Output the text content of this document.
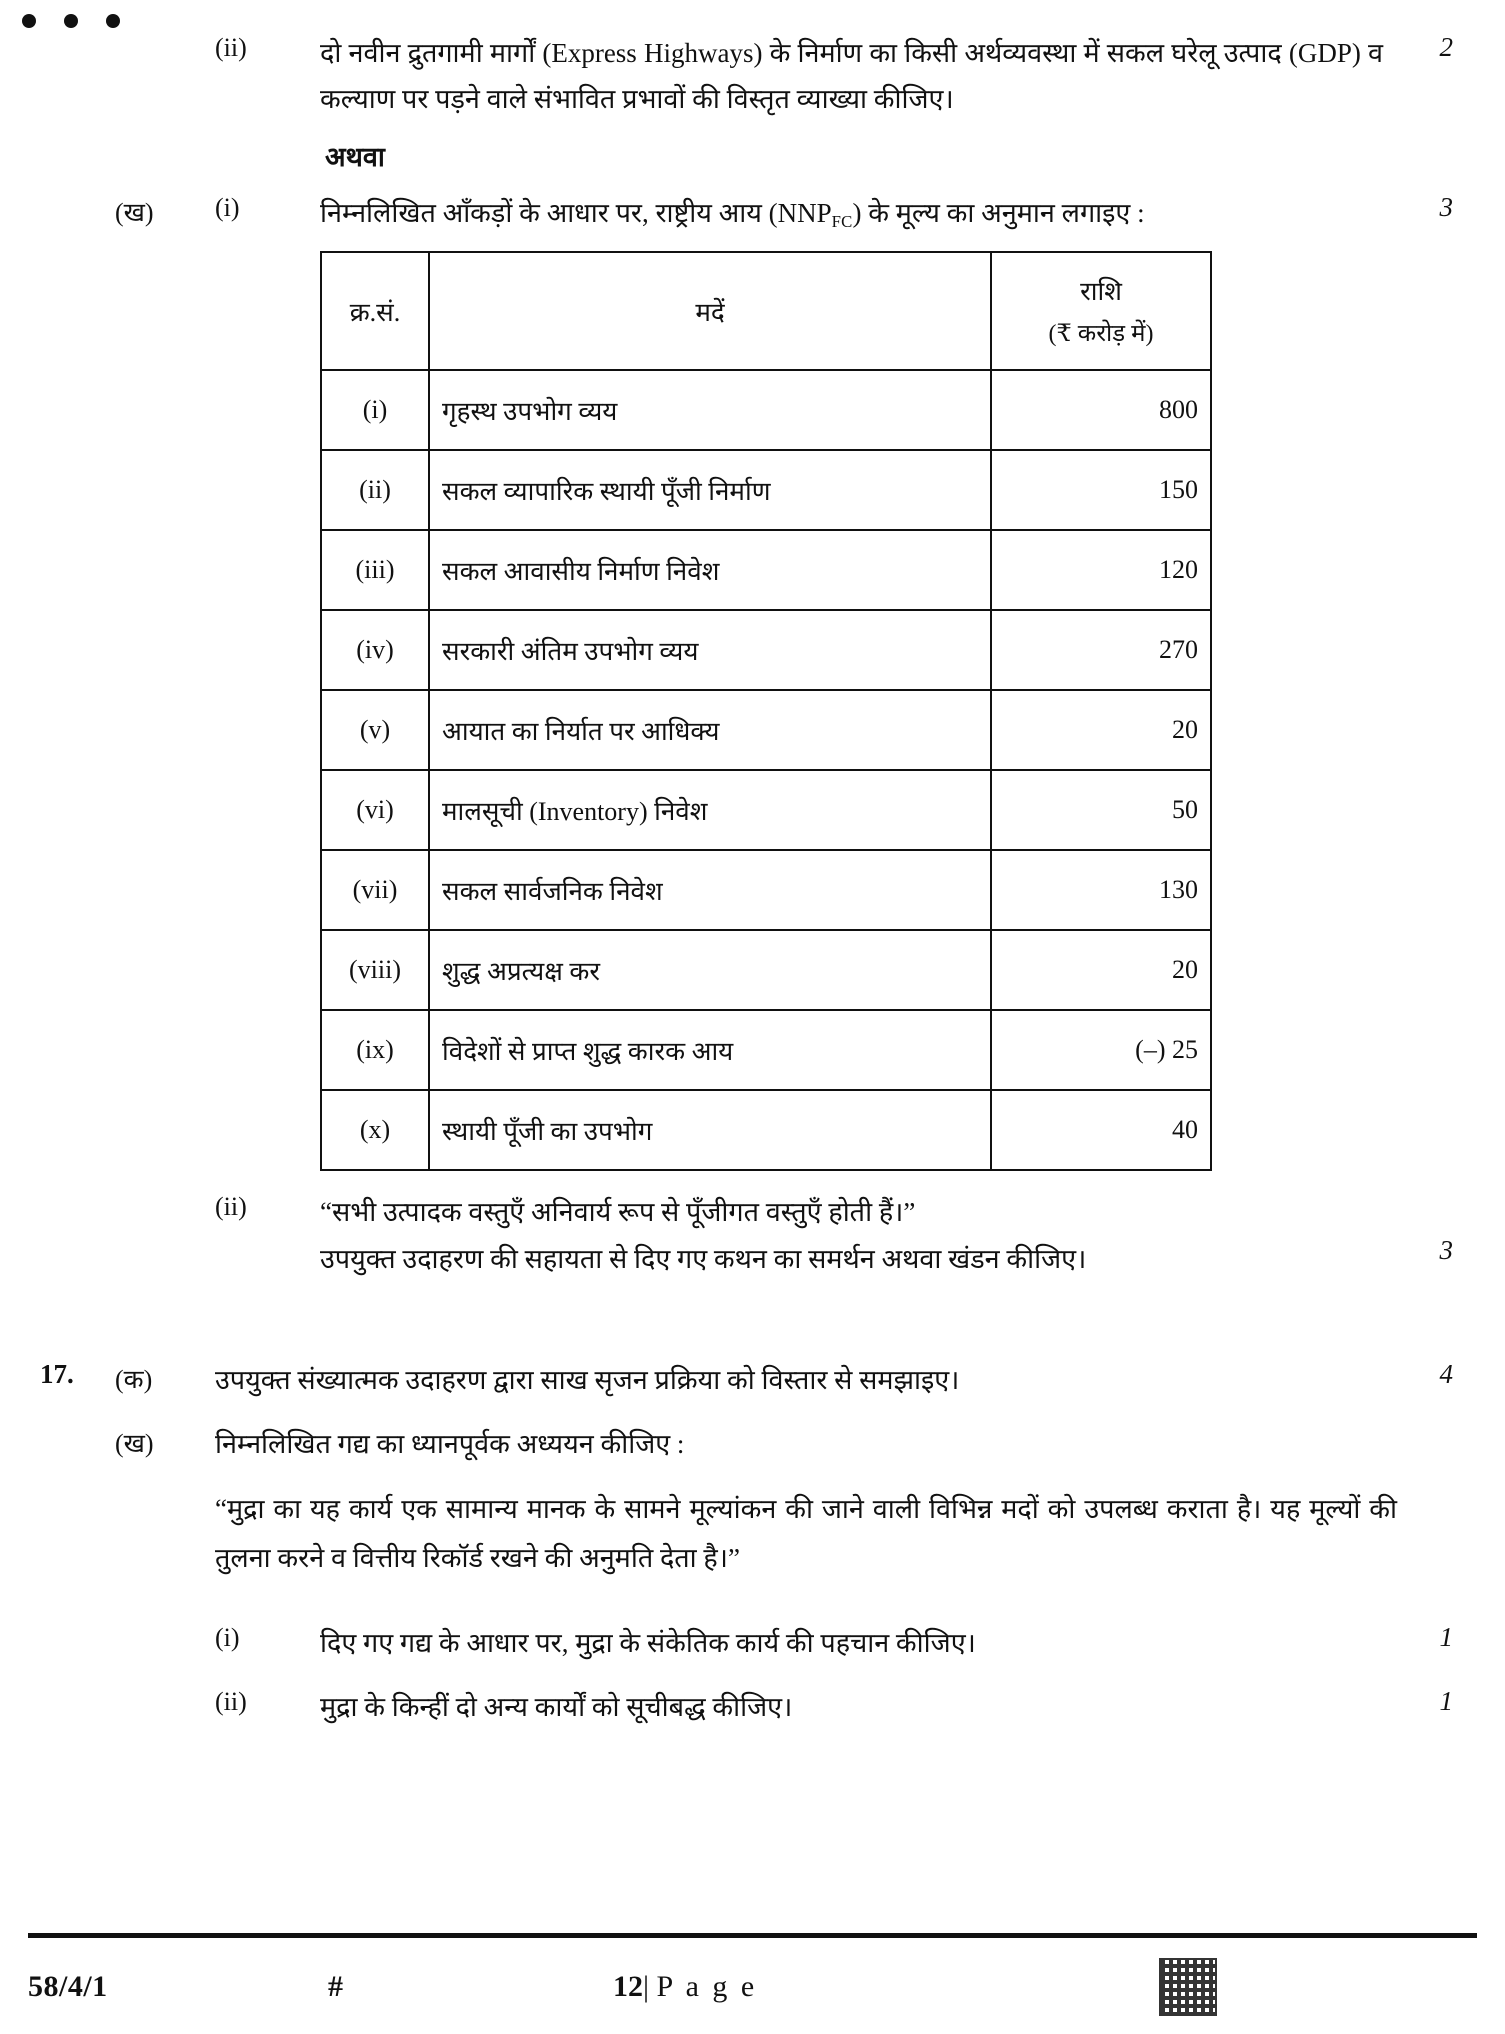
(ii)	दो नवीन द्रुतगामी मार्गों (Express Highways) के निर्माण का किसी अर्थव्यवस्था में सकल घरेलू उत्पाद (GDP) व कल्याण पर पड़ने वाले संभावित प्रभावों की विस्तृत व्याख्या कीजिए।
2
अथवा
(ख)	(i)	निम्नलिखित आँकड़ों के आधार पर, राष्ट्रीय आय $(NNP_{FC})$ के मूल्य का अनुमान लगाइए :	3
क्र.सं.	मदें	राशि
(₹ करोड़ में)

(i)	गृहस्थ उपभोग व्यय	800
(ii)	सकल व्यापारिक स्थायी पूँजी निर्माण	150
(iii)	सकल आवासीय निर्माण निवेश	120
(iv)	सरकारी अंतिम उपभोग व्यय	270
(v)	आयात का निर्यात पर आधिक्य	20
(vi)	मालसूची (Inventory) निवेश	50
(vii)	सकल सार्वजनिक निवेश	130
(viii)	शुद्ध अप्रत्यक्ष कर	20
(ix)	विदेशों से प्राप्त शुद्ध कारक आय	(–) 25
(x)	स्थायी पूँजी का उपभोग	40
(ii)	“सभी उत्पादक वस्तुएँ अनिवार्य रूप से पूँजीगत वस्तुएँ होती हैं।”
उपयुक्त उदाहरण की सहायता से दिए गए कथन का समर्थन अथवा खंडन कीजिए।	3
17.	(क)	उपयुक्त संख्यात्मक उदाहरण द्वारा साख सृजन प्रक्रिया को विस्तार से समझाइए।	4
(ख)	निम्नलिखित गद्य का ध्यानपूर्वक अध्ययन कीजिए :
“मुद्रा का यह कार्य एक सामान्य मानक के सामने मूल्यांकन की जाने वाली विभिन्न मदों को उपलब्ध कराता है। यह मूल्यों की तुलना करने व वित्तीय रिकॉर्ड रखने की अनुमति देता है।”
(i)	दिए गए गद्य के आधार पर, मुद्रा के संकेतिक कार्य की पहचान कीजिए।	1
(ii)	मुद्रा के किन्हीं दो अन्य कार्यों को सूचीबद्ध कीजिए।	1
58/4/1	#	12| P a g e
